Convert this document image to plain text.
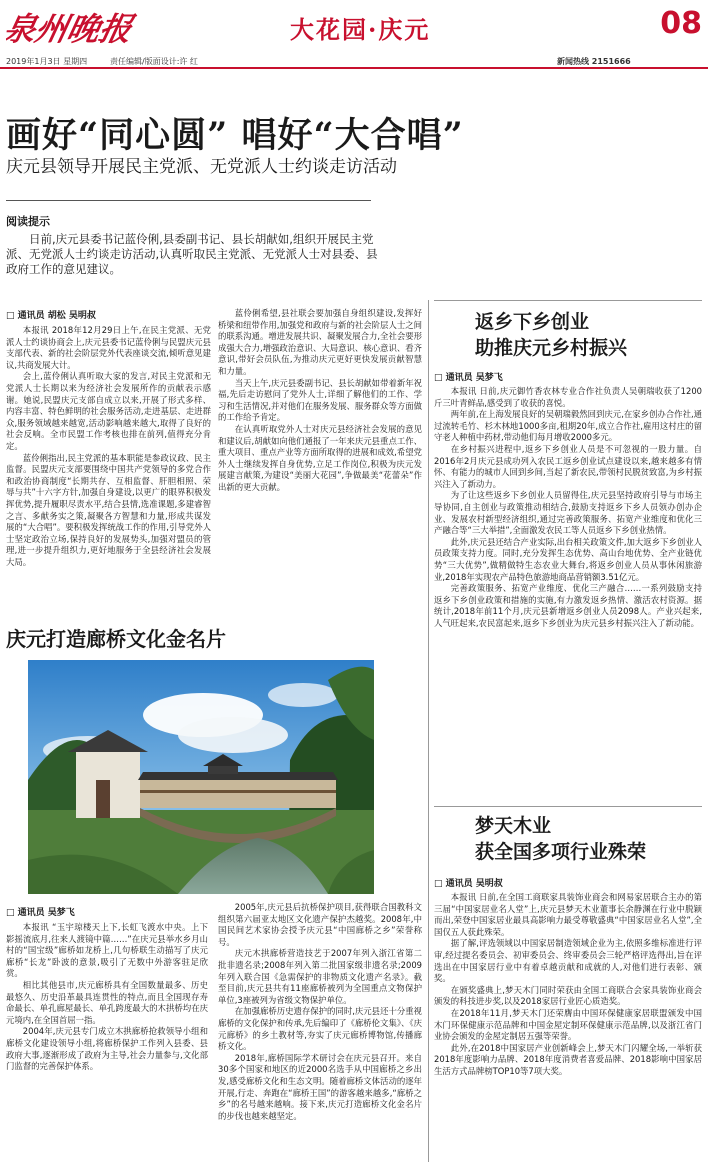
泉州晚报	大花园·庆元	08
2019年1月3日 星期四	责任编辑/版面设计:许 红	新闻热线 2151666
画好“同心圆” 唱好“大合唱”
庆元县领导开展民主党派、无党派人士约谈走访活动
阅读提示

日前,庆元县委书记蓝伶俐,县委副书记、县长胡献如,组织开展民主党派、无党派人士约谈走访活动,认真听取民主党派、无党派人士对县委、县政府工作的意见建议。

□ 通讯员 胡松 吴明叔

本报讯 2018年12月29日上午,在民主党派、无党派人士约谈协商会上,庆元县委书记蓝伶俐与民盟庆元县支部代表、新的社会阶层党外代表座谈交流,倾听意见建议,共商发展大计。

会上,蓝伶俐认真听取大家的发言,对民主党派和无党派人士长期以来为经济社会发展所作的贡献表示感谢。她说,民盟庆元支部自成立以来,开展了形式多样、内容丰富、特色鲜明的社会服务活动,走进基层、走进群众,服务领域越来越宽,活动影响越来越大,取得了良好的社会反响。全市民盟工作考核也排在前列,值得充分肯定。

蓝伶俐指出,民主党派的基本职能是参政议政、民主监督。民盟庆元支部要围绕中国共产党领导的多党合作和政治协商制度“长期共存、互相监督、肝胆相照、荣辱与共”十六字方针,加强自身建设,以更广的眼界积极发挥优势,提升履职尽责水平,结合县情,选准课题,多建睿智之言、多献务实之策,凝聚各方智慧和力量,形成共谋发展的“大合唱”。要积极发挥统战工作的作用,引导党外人士坚定政治立场,保持良好的发展势头,加强对盟员的管理,进一步提升组织力,更好地服务于全县经济社会发展大局。

蓝伶俐希望,县社联会要加强自身组织建设,发挥好桥梁和纽带作用,加强党和政府与新的社会阶层人士之间的联系沟通。增进发展共识、凝聚发展合力,全社会要形成强大合力,增强政治意识、大局意识、核心意识、看齐意识,带好会员队伍,为推动庆元更好更快发展贡献智慧和力量。

当天上午,庆元县委副书记、县长胡献如带着新年祝福,先后走访慰问了党外人士,详细了解他们的工作、学习和生活情况,并对他们在服务发展、服务群众等方面做的工作给予肯定。

在认真听取党外人士对庆元县经济社会发展的意见和建议后,胡献如向他们通报了一年来庆元县重点工作、重大项目、重点产业等方面所取得的进展和成效,希望党外人士继续发挥自身优势,立足工作岗位,积极为庆元发展建言献策,为建设“美丽大花园”,争做最美“花蕾朵”作出新的更大贡献。

庆元打造廊桥文化金名片
□ 通讯员 吴梦飞

本报讯 “玉宇琼楼天上下,长虹飞渡水中央。上下影摇流底月,往来人渡镜中篇……”在庆元县举水乡月山村的“国宝级”廊桥如龙桥上,几句桥联生动描写了庆元廊桥“长龙”卧波的意景,吸引了无数中外游客驻足欣赏。

相比其他县市,庆元廊桥具有全国数量最多、历史最悠久、历史沿革最具连贯性的特点,而且全国现存寿命最长、单孔廊屋最长、单孔跨度最大的木拱桥均在庆元境内,在全国首屈一指。

2004年,庆元县专门成立木拱廊桥抢救领导小组和廊桥文化建设领导小组,将廊桥保护工作列入县委、县政府大事,逐渐形成了政府为主导,社会力量参与,文化部门监督的完善保护体系。

2005年,庆元县后抗桥保护项目,获得联合国教科文组织第六届亚太地区文化遗产保护杰越奖。2008年,中国民间艺术家协会授予庆元县“中国廊桥之乡”荣誉称号。

庆元木拱廊桥营造技艺于2007年列入浙江省第二批非遗名录;2008年列入第二批国家级非遗名录;2009年列入联合国《急需保护的非物质文化遗产名录》。截至目前,庆元县共有11座廊桥被列为全国重点文物保护单位,3座被列为省级文物保护单位。

在加强廊桥历史遗存保护的同时,庆元县还十分重视廊桥的文化保护和传承,先后编印了《廊桥伦文集》、《庆元廊桥》的乡土教材等,夯实了庆元廊桥博物馆,传播廊桥文化。

2018年,廊桥国际学术研讨会在庆元县召开。来自30多个国家和地区的近2000名选手从中国廊桥之乡出发,感受廊桥文化和生态文明。随着廊桥文体活动的逐年开展,行走、奔跑在“廊桥王国”的游客越来越多,“廊桥之乡”的名号越来越响。接下来,庆元打造廊桥文化金名片的步伐也越来越坚定。

返乡下乡创业
助推庆元乡村振兴
□ 通讯员 吴梦飞

本报讯 日前,庆元御竹香农林专业合作社负责人吴朝瑞收获了1200斤三叶青鲜品,感受到了收获的喜悦。

两年前,在上海发展良好的吴朝瑞毅然回到庆元,在家乡创办合作社,通过流转毛竹、杉木林地1000多亩,租期20年,成立合作社,雇用这村庄的留守老人种植中药材,带动他们每月增收2000多元。

在乡村振兴进程中,返乡下乡创业人员是不可忽视的一股力量。自2016年2月庆元县成功列入农民工返乡创业试点建设以来,越来越多有情怀、有能力的城市人回到乡间,当起了新农民,带领村民脱贫致富,为乡村振兴注入了新动力。

为了让这些返乡下乡创业人员留得住,庆元县坚持政府引导与市场主导协同,自主创业与政策推动相结合,鼓励支持返乡下乡人员领办创办企业、发展农村新型经济组织,通过完善政策服务、拓宽产业维度和优化三产融合等“三大举措”,全面激发农民工等人员返乡下乡创业热情。

此外,庆元县还结合产业实际,出台相关政策文件,加大返乡下乡创业人员政策支持力度。同时,充分发挥生态优势、高山台地优势、全产业链优势“三大优势”,做精做特生态农业大舞台,将返乡创业人员从事休闲旅游业,2018年实现农产品特色旅游地商品营销额3.51亿元。

完善政策服务、拓宽产业维度、优化三产融合……一系列鼓励支持返乡下乡创业政策和措施的实施,有力激发返乡热情、激活农村资源。据统计,2018年前11个月,庆元县新增返乡创业人员2098人。产业兴起来,人气旺起来,农民富起来,返乡下乡创业为庆元县乡村振兴注入了新动能。

梦天木业
获全国多项行业殊荣
□ 通讯员 吴明叔

本报讯 日前,在全国工商联家具装饰业商会和网易家居联合主办的第三届“中国家居业名人堂”上,庆元县梦天木业董事长余静渊在行业中脱颖而出,荣登中国家居业最具高影响力最受尊敬盛典“中国家居业名人堂”,全国仅五人获此殊荣。

据了解,评选领域以中国家居制造领域企业为主,依照多维标准进行评审,经过提名委员会、初审委员会、终审委员会三轮严格评选得出,旨在评选出在中国家居行业中有着卓越贡献和成就的人,对他们进行表彰、颁奖。

在颁奖盛典上,梦天木门同时荣获由全国工商联合会家具装饰业商会颁发的科技进步奖,以及2018家居行业匠心质造奖。

在2018年11月,梦天木门还荣膺由中国环保健康家居联盟颁发中国木门环保健康示范品牌和中国金屋定制环保健康示范品牌,以及浙江省门业协会颁发的金屋定制居五强等荣誉。

此外,在2018中国家居产业创新峰会上,梦天木门闪耀全场,一举斩获2018年度影响力品牌、2018年度消费者喜爱品牌、2018影响中国家居生活方式品牌榜TOP10等7项大奖。
